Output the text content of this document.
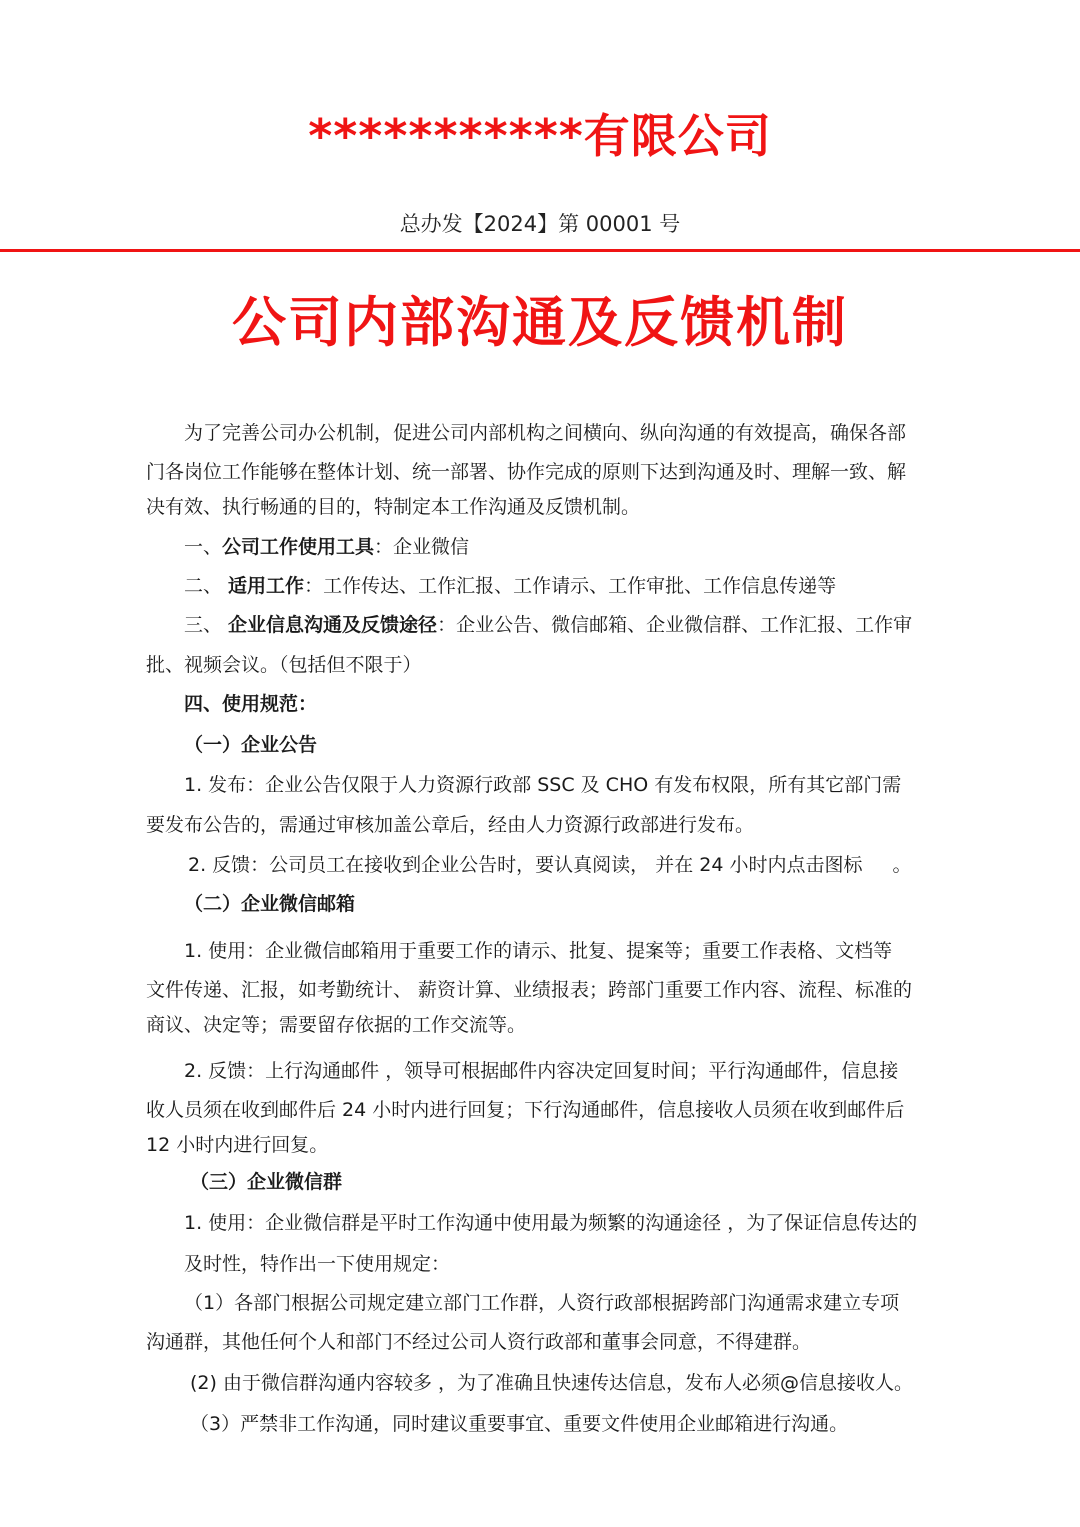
***********有限公司
总办发【2024】第 00001 号
公司内部沟通及反馈机制
为了完善公司办公机制，促进公司内部机构之间横向、纵向沟通的有效提高，确保各部
门各岗位工作能够在整体计划、统一部署、协作完成的原则下达到沟通及时、理解一致、解
决有效、执行畅通的目的，特制定本工作沟通及反馈机制。
一、公司工作使用工具：企业微信
二、 适用工作：工作传达、工作汇报、工作请示、工作审批、工作信息传递等
三、 企业信息沟通及反馈途径：企业公告、微信邮箱、企业微信群、工作汇报、工作审
批、视频会议。（包括但不限于）
四、使用规范：
（一）企业公告
1. 发布：企业公告仅限于人力资源行政部 SSC 及 CHO 有发布权限，所有其它部门需
要发布公告的，需通过审核加盖公章后，经由人力资源行政部进行发布。
2. 反馈：公司员工在接收到企业公告时，要认真阅读， 并在 24 小时内点击图标 。
（二）企业微信邮箱
1. 使用：企业微信邮箱用于重要工作的请示、批复、提案等；重要工作表格、文档等
文件传递、汇报，如考勤统计、 薪资计算、业绩报表；跨部门重要工作内容、流程、标准的
商议、决定等；需要留存依据的工作交流等。
2. 反馈：上行沟通邮件 ，领导可根据邮件内容决定回复时间；平行沟通邮件，信息接
收人员须在收到邮件后 24 小时内进行回复；下行沟通邮件，信息接收人员须在收到邮件后
12 小时内进行回复。
（三）企业微信群
1. 使用：企业微信群是平时工作沟通中使用最为频繁的沟通途径 ，为了保证信息传达的
及时性，特作出一下使用规定：
（1）各部门根据公司规定建立部门工作群，人资行政部根据跨部门沟通需求建立专项
沟通群，其他任何个人和部门不经过公司人资行政部和董事会同意，不得建群。
(2) 由于微信群沟通内容较多 ，为了准确且快速传达信息，发布人必须@信息接收人。
（3）严禁非工作沟通，同时建议重要事宜、重要文件使用企业邮箱进行沟通。
